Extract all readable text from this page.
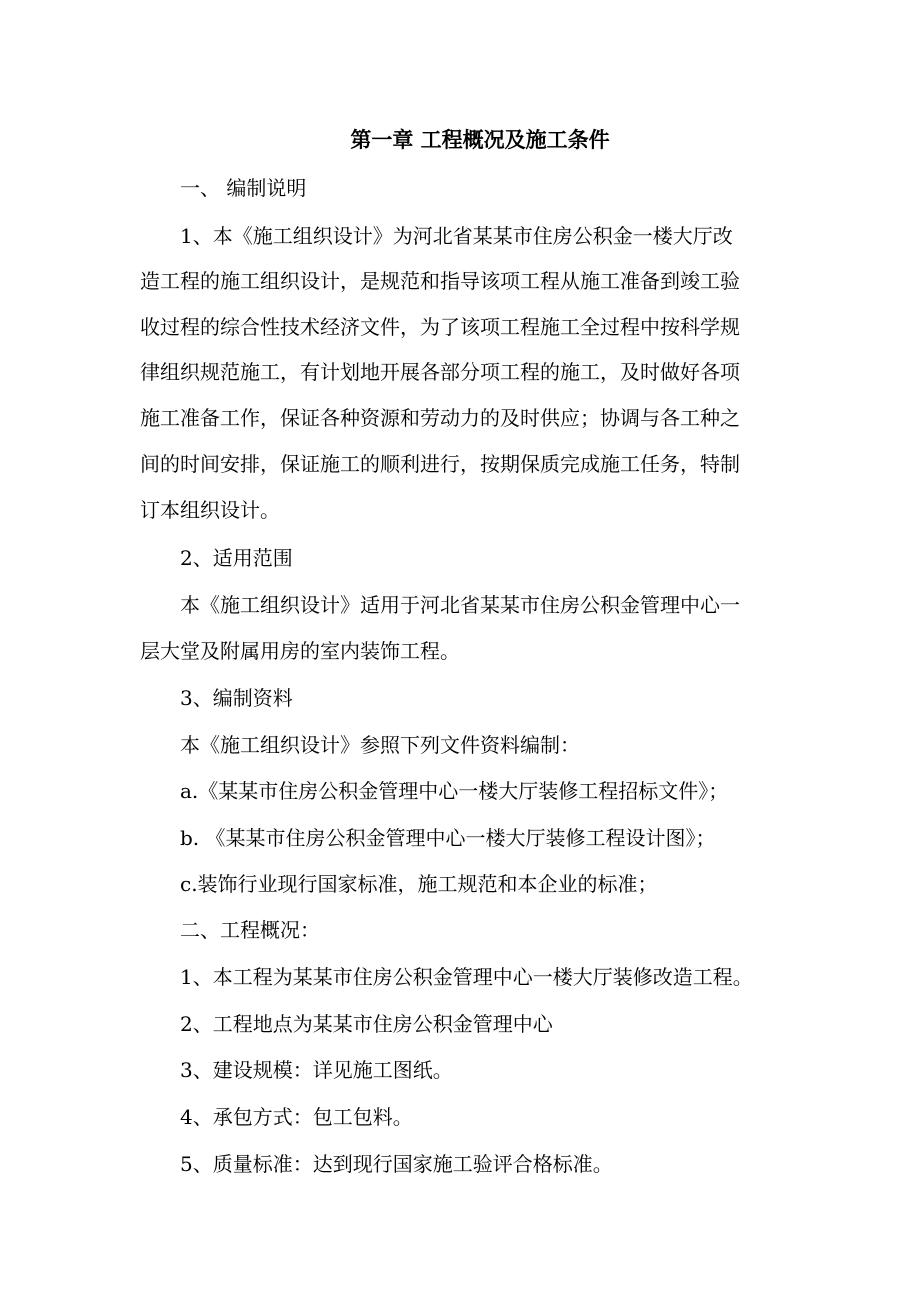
第一章 工程概况及施工条件
一、 编制说明
1、本《施工组织设计》为河北省某某市住房公积金一楼大厅改
造工程的施工组织设计，是规范和指导该项工程从施工准备到竣工验
收过程的综合性技术经济文件，为了该项工程施工全过程中按科学规
律组织规范施工，有计划地开展各部分项工程的施工，及时做好各项
施工准备工作，保证各种资源和劳动力的及时供应；协调与各工种之
间的时间安排，保证施工的顺利进行，按期保质完成施工任务，特制
订本组织设计。
2、适用范围
本《施工组织设计》适用于河北省某某市住房公积金管理中心一
层大堂及附属用房的室内装饰工程。
3、编制资料
本《施工组织设计》参照下列文件资料编制：
a.《某某市住房公积金管理中心一楼大厅装修工程招标文件》；
b. 《某某市住房公积金管理中心一楼大厅装修工程设计图》；
c.装饰行业现行国家标准，施工规范和本企业的标准；
二、工程概况：
1、本工程为某某市住房公积金管理中心一楼大厅装修改造工程。
2、工程地点为某某市住房公积金管理中心
3、建设规模：详见施工图纸。
4、承包方式：包工包料。
5、质量标准：达到现行国家施工验评合格标准。
